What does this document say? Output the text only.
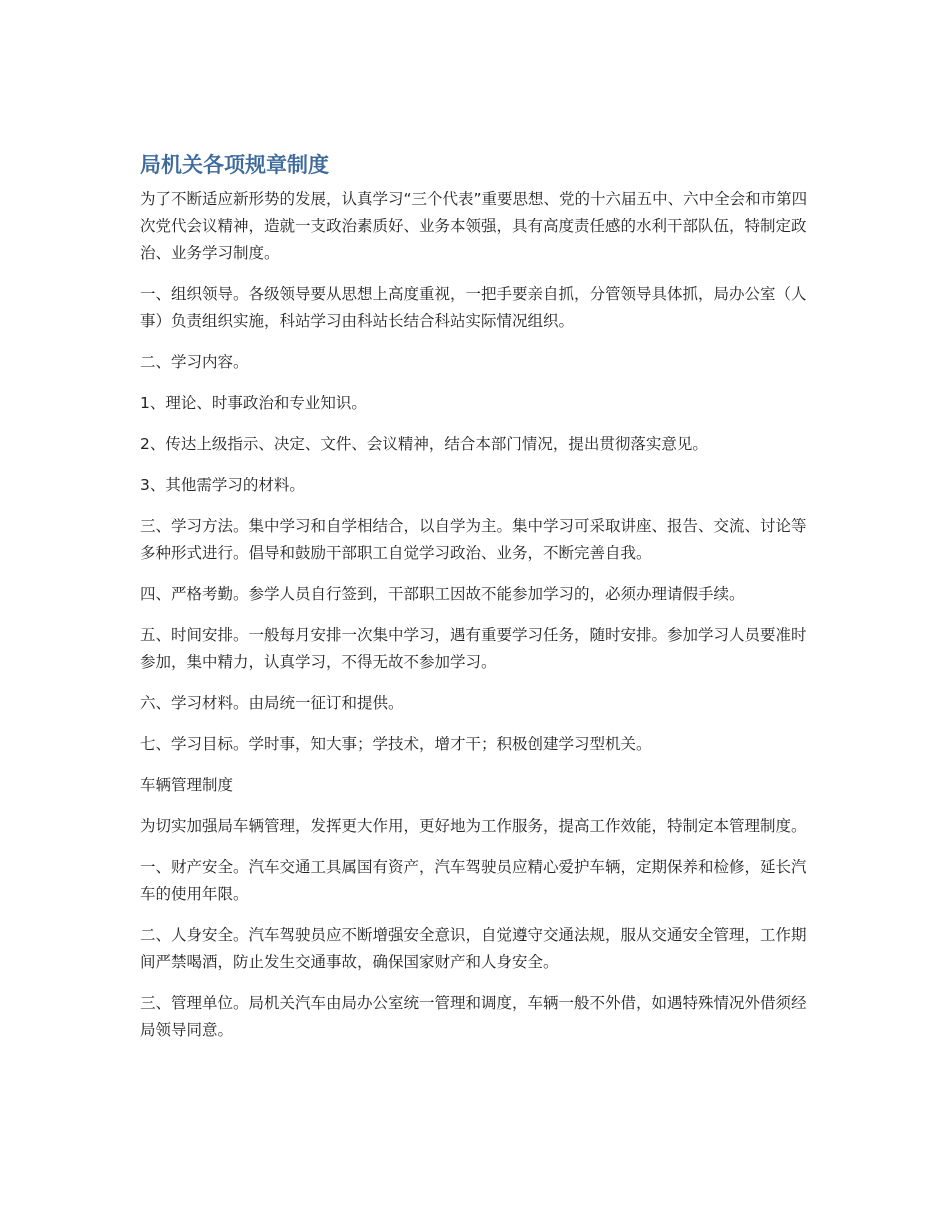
局机关各项规章制度

为了不断适应新形势的发展，认真学习“三个代表”重要思想、党的十六届五中、六中全会和市第四次党代会议精神，造就一支政治素质好、业务本领强，具有高度责任感的水利干部队伍，特制定政治、业务学习制度。

一、组织领导。各级领导要从思想上高度重视，一把手要亲自抓，分管领导具体抓，局办公室（人事）负责组织实施，科站学习由科站长结合科站实际情况组织。

二、学习内容。

1、理论、时事政治和专业知识。

2、传达上级指示、决定、文件、会议精神，结合本部门情况，提出贯彻落实意见。

3、其他需学习的材料。

三、学习方法。集中学习和自学相结合，以自学为主。集中学习可采取讲座、报告、交流、讨论等多种形式进行。倡导和鼓励干部职工自觉学习政治、业务，不断完善自我。

四、严格考勤。参学人员自行签到，干部职工因故不能参加学习的，必须办理请假手续。

五、时间安排。一般每月安排一次集中学习，遇有重要学习任务，随时安排。参加学习人员要准时参加，集中精力，认真学习，不得无故不参加学习。

六、学习材料。由局统一征订和提供。

七、学习目标。学时事，知大事；学技术，增才干；积极创建学习型机关。

车辆管理制度

为切实加强局车辆管理，发挥更大作用，更好地为工作服务，提高工作效能，特制定本管理制度。

一、财产安全。汽车交通工具属国有资产，汽车驾驶员应精心爱护车辆，定期保养和检修，延长汽车的使用年限。

二、人身安全。汽车驾驶员应不断增强安全意识，自觉遵守交通法规，服从交通安全管理，工作期间严禁喝酒，防止发生交通事故，确保国家财产和人身安全。

三、管理单位。局机关汽车由局办公室统一管理和调度，车辆一般不外借，如遇特殊情况外借须经局领导同意。
